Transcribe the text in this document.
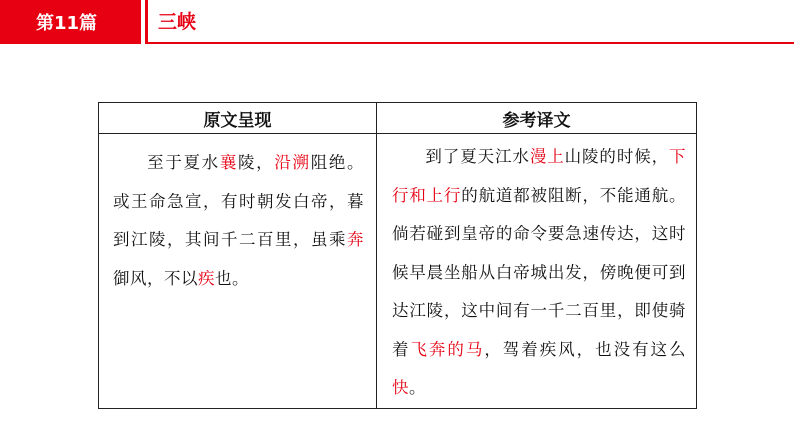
第11篇	三峡
原文呈现	参考译文

至于夏水襄陵，沿溯阻绝。或王命急宣，有时朝发白帝，暮到江陵，其间千二百里，虽乘奔御风，不以疾也。	到了夏天江水漫上山陵的时候，下行和上行的航道都被阻断，不能通航。倘若碰到皇帝的命令要急速传达，这时候早晨坐船从白帝城出发，傍晚便可到达江陵，这中间有一千二百里，即使骑着飞奔的马，驾着疾风，也没有这么快。
